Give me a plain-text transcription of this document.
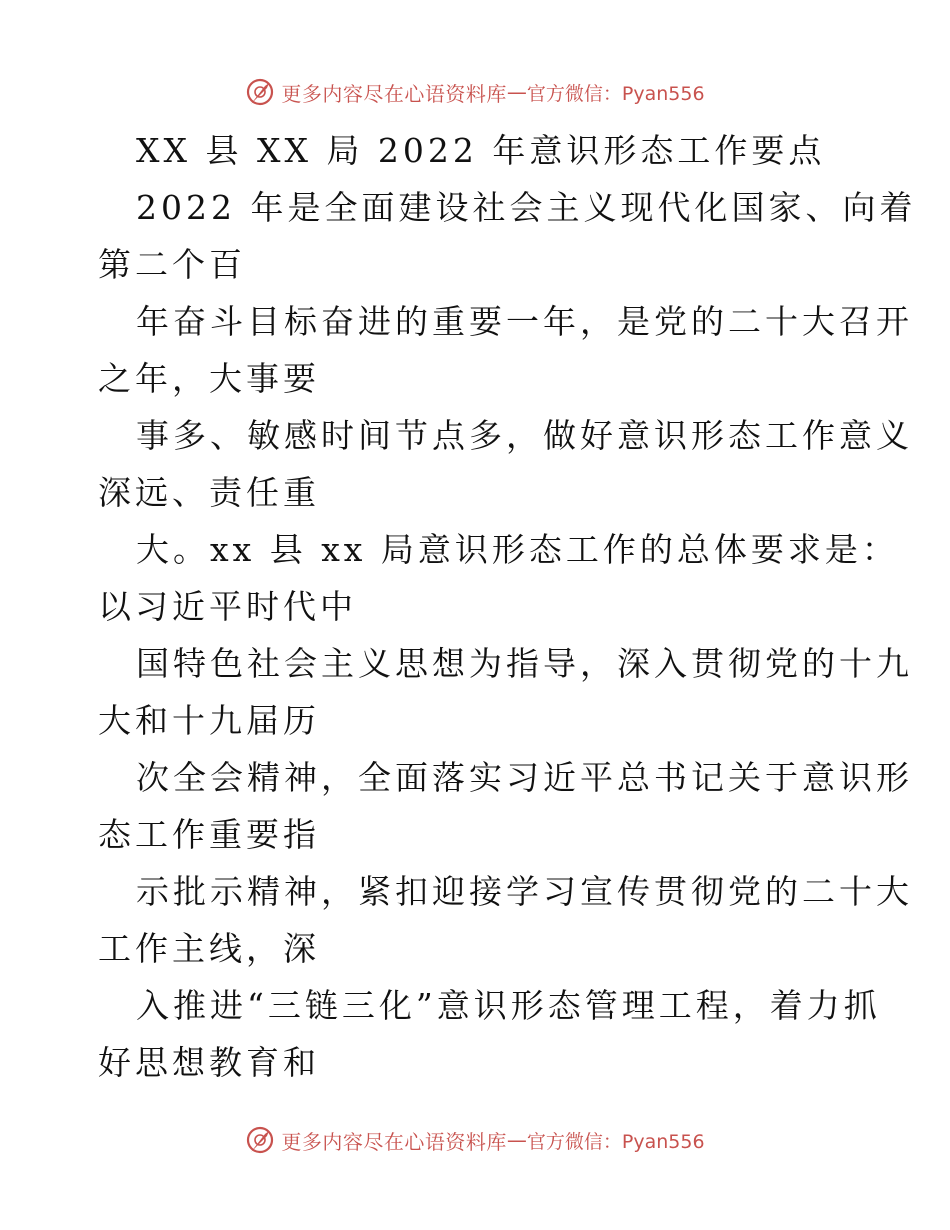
更多内容尽在心语资料库 — 官方微信：Pyan556
XX 县 XX 局 2022 年意识形态工作要点
2022 年是全面建设社会主义现代化国家、向着
第二个百
年奋斗目标奋进的重要一年，是党的二十大召开
之年，大事要
事多、敏感时间节点多，做好意识形态工作意义
深远、责任重
大。xx 县 xx 局意识形态工作的总体要求是：
以习近平时代中
国特色社会主义思想为指导，深入贯彻党的十九
大和十九届历
次全会精神，全面落实习近平总书记关于意识形
态工作重要指
示批示精神，紧扣迎接学习宣传贯彻党的二十大
工作主线，深
入推进“三链三化”意识形态管理工程，着力抓
好思想教育和
更多内容尽在心语资料库 — 官方微信：Pyan556
